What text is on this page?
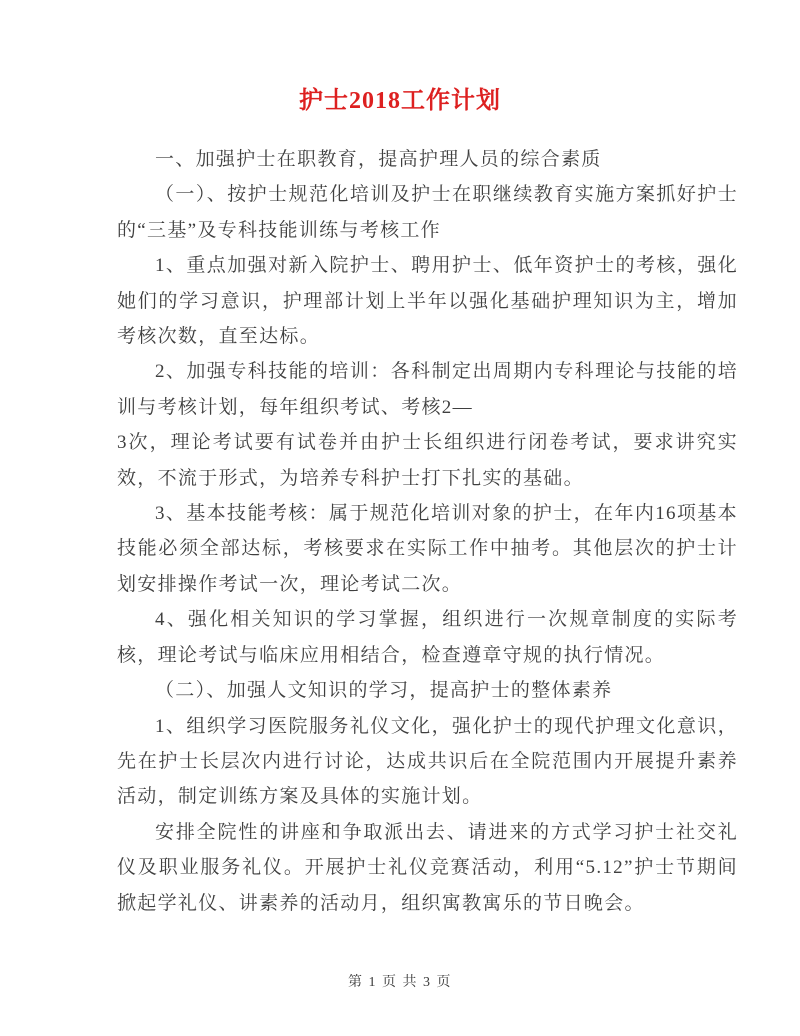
护士2018工作计划

一、加强护士在职教育，提高护理人员的综合素质

（一）、按护士规范化培训及护士在职继续教育实施方案抓好护士的“三基”及专科技能训练与考核工作

1、重点加强对新入院护士、聘用护士、低年资护士的考核，强化她们的学习意识，护理部计划上半年以强化基础护理知识为主，增加考核次数，直至达标。

2、加强专科技能的培训：各科制定出周期内专科理论与技能的培训与考核计划，每年组织考试、考核2—

3次，理论考试要有试卷并由护士长组织进行闭卷考试，要求讲究实效，不流于形式，为培养专科护士打下扎实的基础。

3、基本技能考核：属于规范化培训对象的护士，在年内16项基本技能必须全部达标，考核要求在实际工作中抽考。其他层次的护士计划安排操作考试一次，理论考试二次。

4、强化相关知识的学习掌握，组织进行一次规章制度的实际考核，理论考试与临床应用相结合，检查遵章守规的执行情况。

（二）、加强人文知识的学习，提高护士的整体素养

1、组织学习医院服务礼仪文化，强化护士的现代护理文化意识，先在护士长层次内进行讨论，达成共识后在全院范围内开展提升素养活动，制定训练方案及具体的实施计划。

安排全院性的讲座和争取派出去、请进来的方式学习护士社交礼仪及职业服务礼仪。开展护士礼仪竞赛活动，利用“5.12”护士节期间掀起学礼仪、讲素养的活动月，组织寓教寓乐的节日晚会。

第 1 页 共 3 页
